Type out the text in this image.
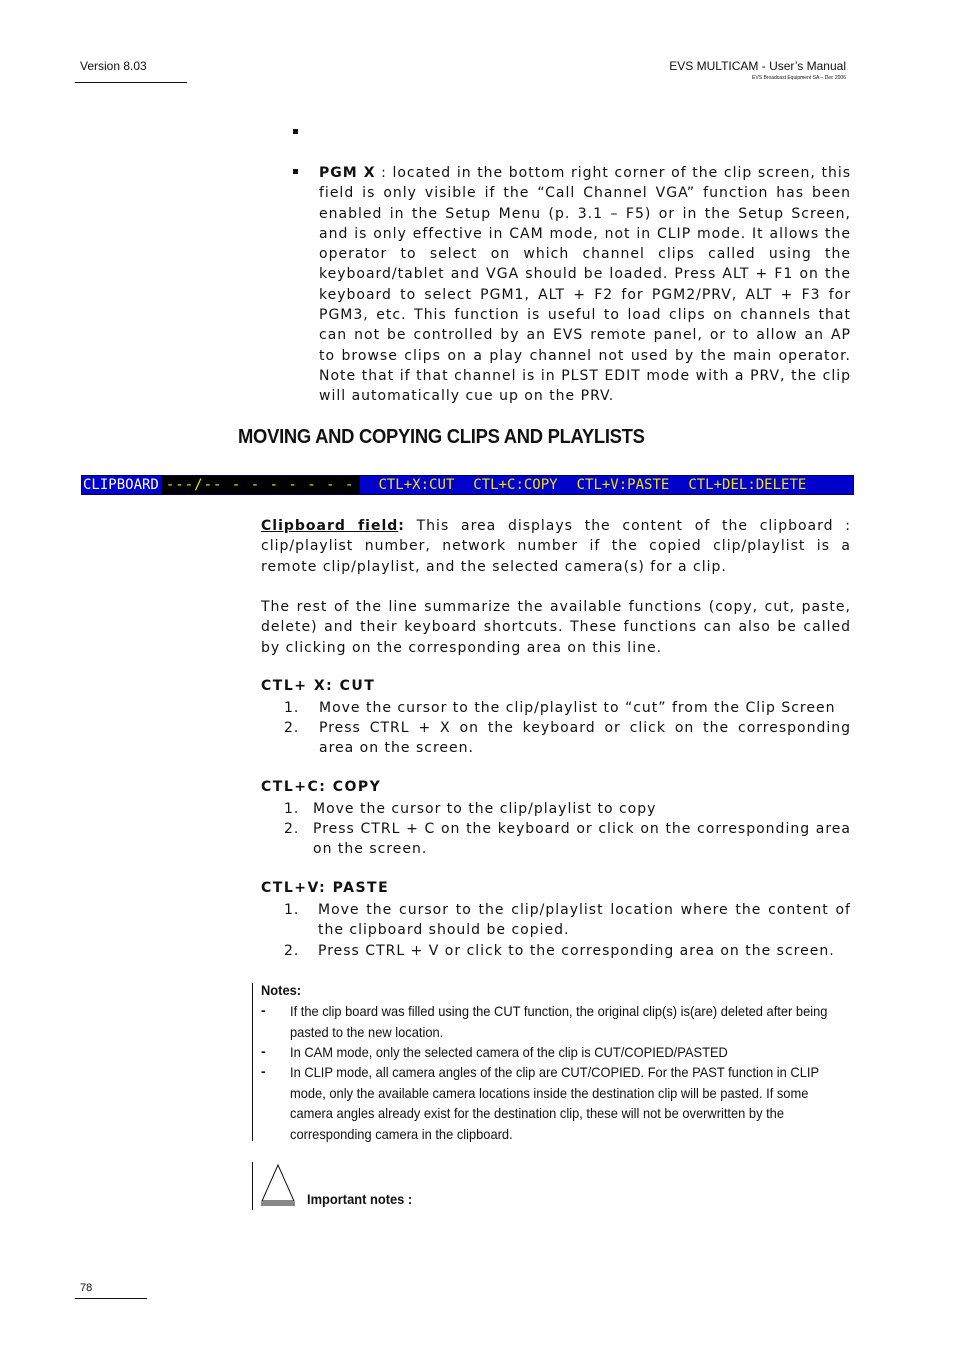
Version 8.03	EVS MULTICAM - User’s Manual
EVS Broadcast Equipment SA – Dec 2006
PGM X : located in the bottom right corner of the clip screen, this field is only visible if the “Call Channel VGA” function has been enabled in the Setup Menu (p. 3.1 – F5) or in the Setup Screen, and is only effective in CAM mode, not in CLIP mode. It allows the operator to select on which channel clips called using the keyboard/tablet and VGA should be loaded. Press ALT + F1 on the keyboard to select PGM1, ALT + F2 for PGM2/PRV, ALT + F3 for PGM3, etc. This function is useful to load clips on channels that can not be controlled by an EVS remote panel, or to allow an AP to browse clips on a play channel not used by the main operator. Note that if that channel is in PLST EDIT mode with a PRV, the clip will automatically cue up on the PRV.
MOVING AND COPYING CLIPS AND PLAYLISTS
CLIPBOARD ---/-- - - - - - - -	CTL+X:CUT CTL+C:COPY CTL+V:PASTE CTL+DEL:DELETE
Clipboard field: This area displays the content of the clipboard : clip/playlist number, network number if the copied clip/playlist is a remote clip/playlist, and the selected camera(s) for a clip.
The rest of the line summarize the available functions (copy, cut, paste, delete) and their keyboard shortcuts. These functions can also be called by clicking on the corresponding area on this line.
CTL+ X: CUT
1. Move the cursor to the clip/playlist to “cut” from the Clip Screen
2. Press CTRL + X on the keyboard or click on the corresponding area on the screen.
CTL+C: COPY
1. Move the cursor to the clip/playlist to copy
2. Press CTRL + C on the keyboard or click on the corresponding area on the screen.
CTL+V: PASTE
1. Move the cursor to the clip/playlist location where the content of the clipboard should be copied.
2. Press CTRL + V or click to the corresponding area on the screen.
Notes:
- If the clip board was filled using the CUT function, the original clip(s) is(are) deleted after being pasted to the new location.
- In CAM mode, only the selected camera of the clip is CUT/COPIED/PASTED
- In CLIP mode, all camera angles of the clip are CUT/COPIED. For the PAST function in CLIP mode, only the available camera locations inside the destination clip will be pasted. If some camera angles already exist for the destination clip, these will not be overwritten by the corresponding camera in the clipboard.
Important notes :
78
